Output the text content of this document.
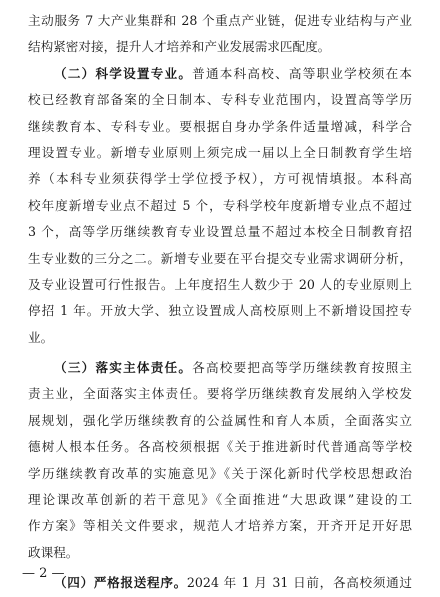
主动服务 7 大产业集群和 28 个重点产业链，促进专业结构与产业
结构紧密对接，提升人才培养和产业发展需求匹配度。
（二）科学设置专业。普通本科高校、高等职业学校须在本
校已经教育部备案的全日制本、专科专业范围内，设置高等学历
继续教育本、专科专业。要根据自身办学条件适量增减，科学合
理设置专业。新增专业原则上须完成一届以上全日制教育学生培
养（本科专业须获得学士学位授予权），方可视情填报。本科高
校年度新增专业点不超过 5 个，专科学校年度新增专业点不超过
3 个，高等学历继续教育专业设置总量不超过本校全日制教育招
生专业数的三分之二。新增专业要在平台提交专业需求调研分析，
及专业设置可行性报告。上年度招生人数少于 20 人的专业原则上
停招 1 年。开放大学、独立设置成人高校原则上不新增设国控专
业。
（三）落实主体责任。各高校要把高等学历继续教育按照主
责主业，全面落实主体责任。要将学历继续教育发展纳入学校发
展规划，强化学历继续教育的公益属性和育人本质，全面落实立
德树人根本任务。各高校须根据《关于推进新时代普通高等学校
学历继续教育改革的实施意见》《关于深化新时代学校思想政治
理论课改革创新的若干意见》《全面推进“大思政课”建设的工
作方案》等相关文件要求，规范人才培养方案，开齐开足开好思
政课程。
（四）严格报送程序。2024 年 1 月 31 日前，各高校须通过
— 2 —
